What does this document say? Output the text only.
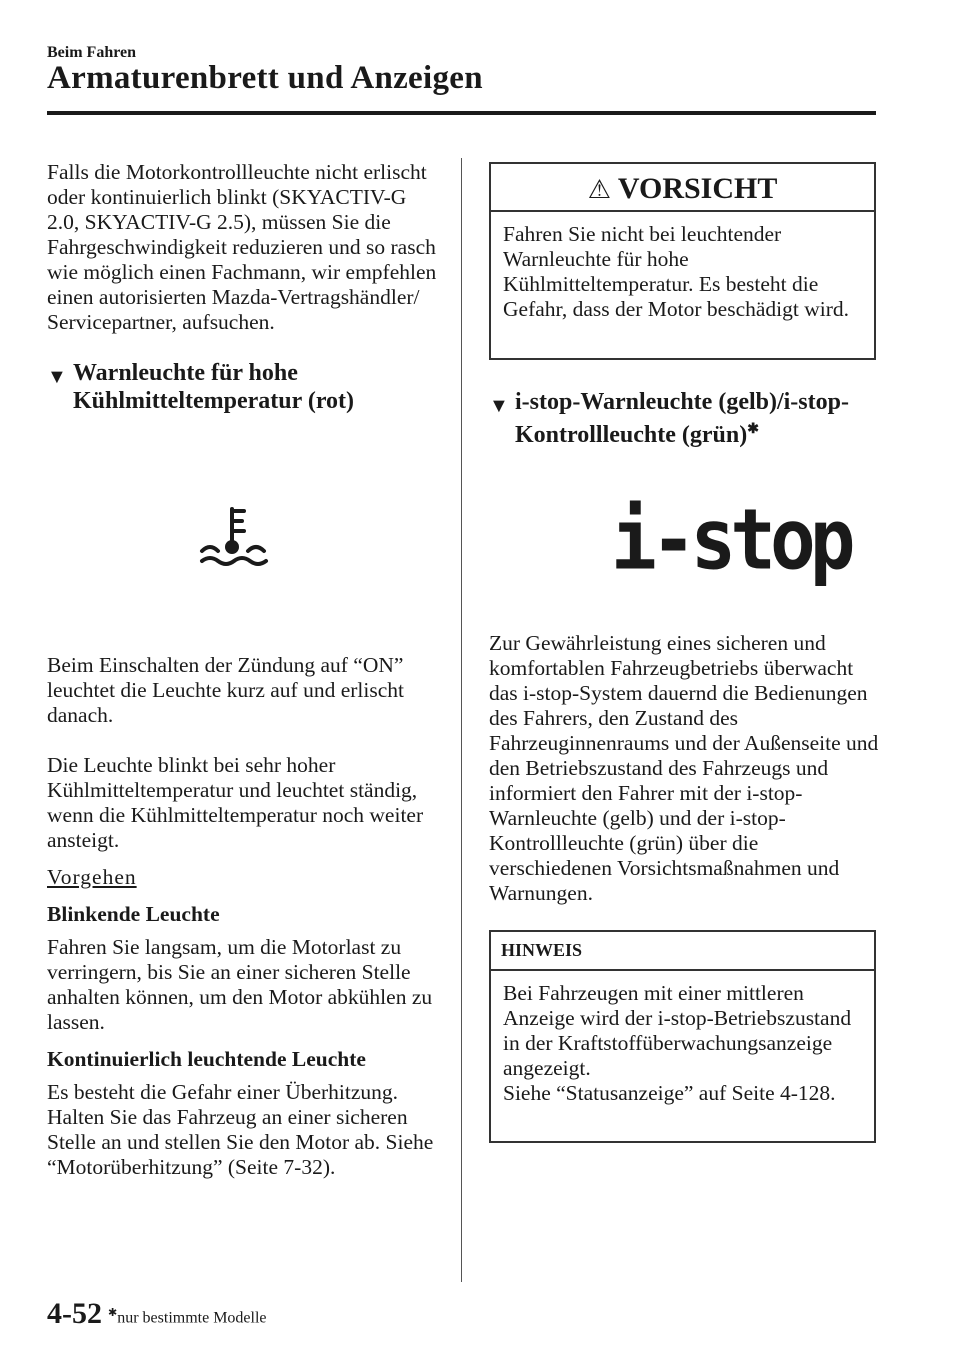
Beim Fahren
Armaturenbrett und Anzeigen

Falls die Motorkontrollleuchte nicht erlischt oder kontinuierlich blinkt (SKYACTIV-G 2.0, SKYACTIV-G 2.5), müssen Sie die Fahrgeschwindigkeit reduzieren und so rasch wie möglich einen Fachmann, wir empfehlen einen autorisierten Mazda-Vertragshändler/ Servicepartner, aufsuchen.

▼ Warnleuchte für hohe
Kühlmitteltemperatur (rot)

Beim Einschalten der Zündung auf “ON” leuchtet die Leuchte kurz auf und erlischt danach.

Die Leuchte blinkt bei sehr hoher Kühlmitteltemperatur und leuchtet ständig, wenn die Kühlmitteltemperatur noch weiter ansteigt.

Vorgehen

Blinkende Leuchte

Fahren Sie langsam, um die Motorlast zu verringern, bis Sie an einer sicheren Stelle anhalten können, um den Motor abkühlen zu lassen.

Kontinuierlich leuchtende Leuchte

Es besteht die Gefahr einer Überhitzung. Halten Sie das Fahrzeug an einer sicheren Stelle an und stellen Sie den Motor ab. Siehe “Motorüberhitzung” (Seite 7-32).

⚠ VORSICHT
Fahren Sie nicht bei leuchtender Warnleuchte für hohe Kühlmitteltemperatur. Es besteht die Gefahr, dass der Motor beschädigt wird.
▼ i-stop-Warnleuchte (gelb)/i-stop-
Kontrollleuchte (grün)✱
i-stop

Zur Gewährleistung eines sicheren und komfortablen Fahrzeugbetriebs überwacht das i-stop-System dauernd die Bedienungen des Fahrers, den Zustand des Fahrzeuginnenraums und der Außenseite und den Betriebszustand des Fahrzeugs und informiert den Fahrer mit der i-stop-Warnleuchte (gelb) und der i-stop-Kontrollleuchte (grün) über die verschiedenen Vorsichtsmaßnahmen und Warnungen.

HINWEIS

Bei Fahrzeugen mit einer mittleren Anzeige wird der i-stop-Betriebszustand in der Kraftstoffüberwachungsanzeige angezeigt.

Siehe “Statusanzeige” auf Seite 4-128.

4-52 ✱nur bestimmte Modelle
